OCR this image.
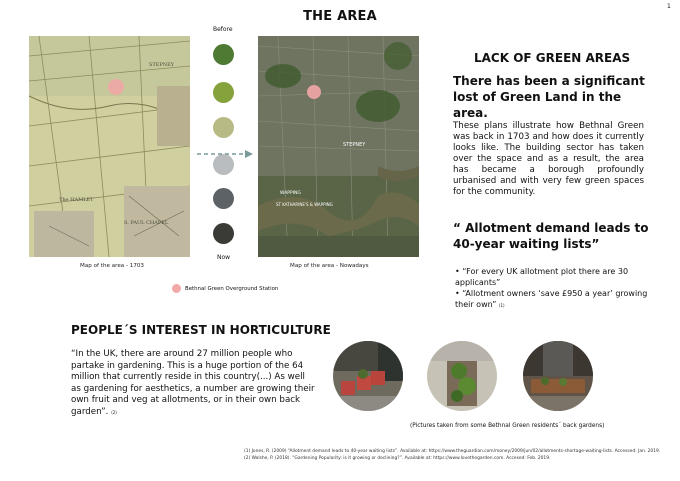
1
THE AREA
S. PAUL CHAPEL
The HAMLET
STEPNEY
Map of the area - 1703
Before
Now
STEPNEY
WAPPING
ST KATHARINE'S & WAPPING
Map of the area - Nowadays
Bethnal Green Overground Station
LACK OF GREEN AREAS
There has been a significant lost of Green Land in the area.
These plans illustrate how Bethnal Green was back in 1703 and how does it currently looks like. The building sector has taken over the space and as a result, the area has became a borough profoundly urbanised and with very few green spaces for the community.
“ Allotment demand leads to 40-year waiting lists”
• “For every UK allotment plot there are 30 applicants”
• “Allotment owners ‘save £950 a year’ growing their own” (1)
PEOPLE´S INTEREST IN HORTICULTURE
“In the UK, there are around 27 million people who partake in gardening. This is a huge portion of the 64 million that currently reside in this country(...) As well as gardening for aesthetics, a number are growing their own fruit and veg at allotments, or in their own back garden”. (2)
(Pictures taken from some Bethnal Green residents´ back gardens)
(1) Jones, R. (2009) “Allotment demand leads to 40-year waiting lists”. Available at: https://www.theguardian.com/money/2009/jun/02/allotments-shortage-waiting-lists. Accessed: Jan. 2019.
(2) Walshe, P. (2018). “Gardening Popularity: is it growing or declining?”. Available at: https://www.lovethegarden.com. Accesed: Feb. 2019.
